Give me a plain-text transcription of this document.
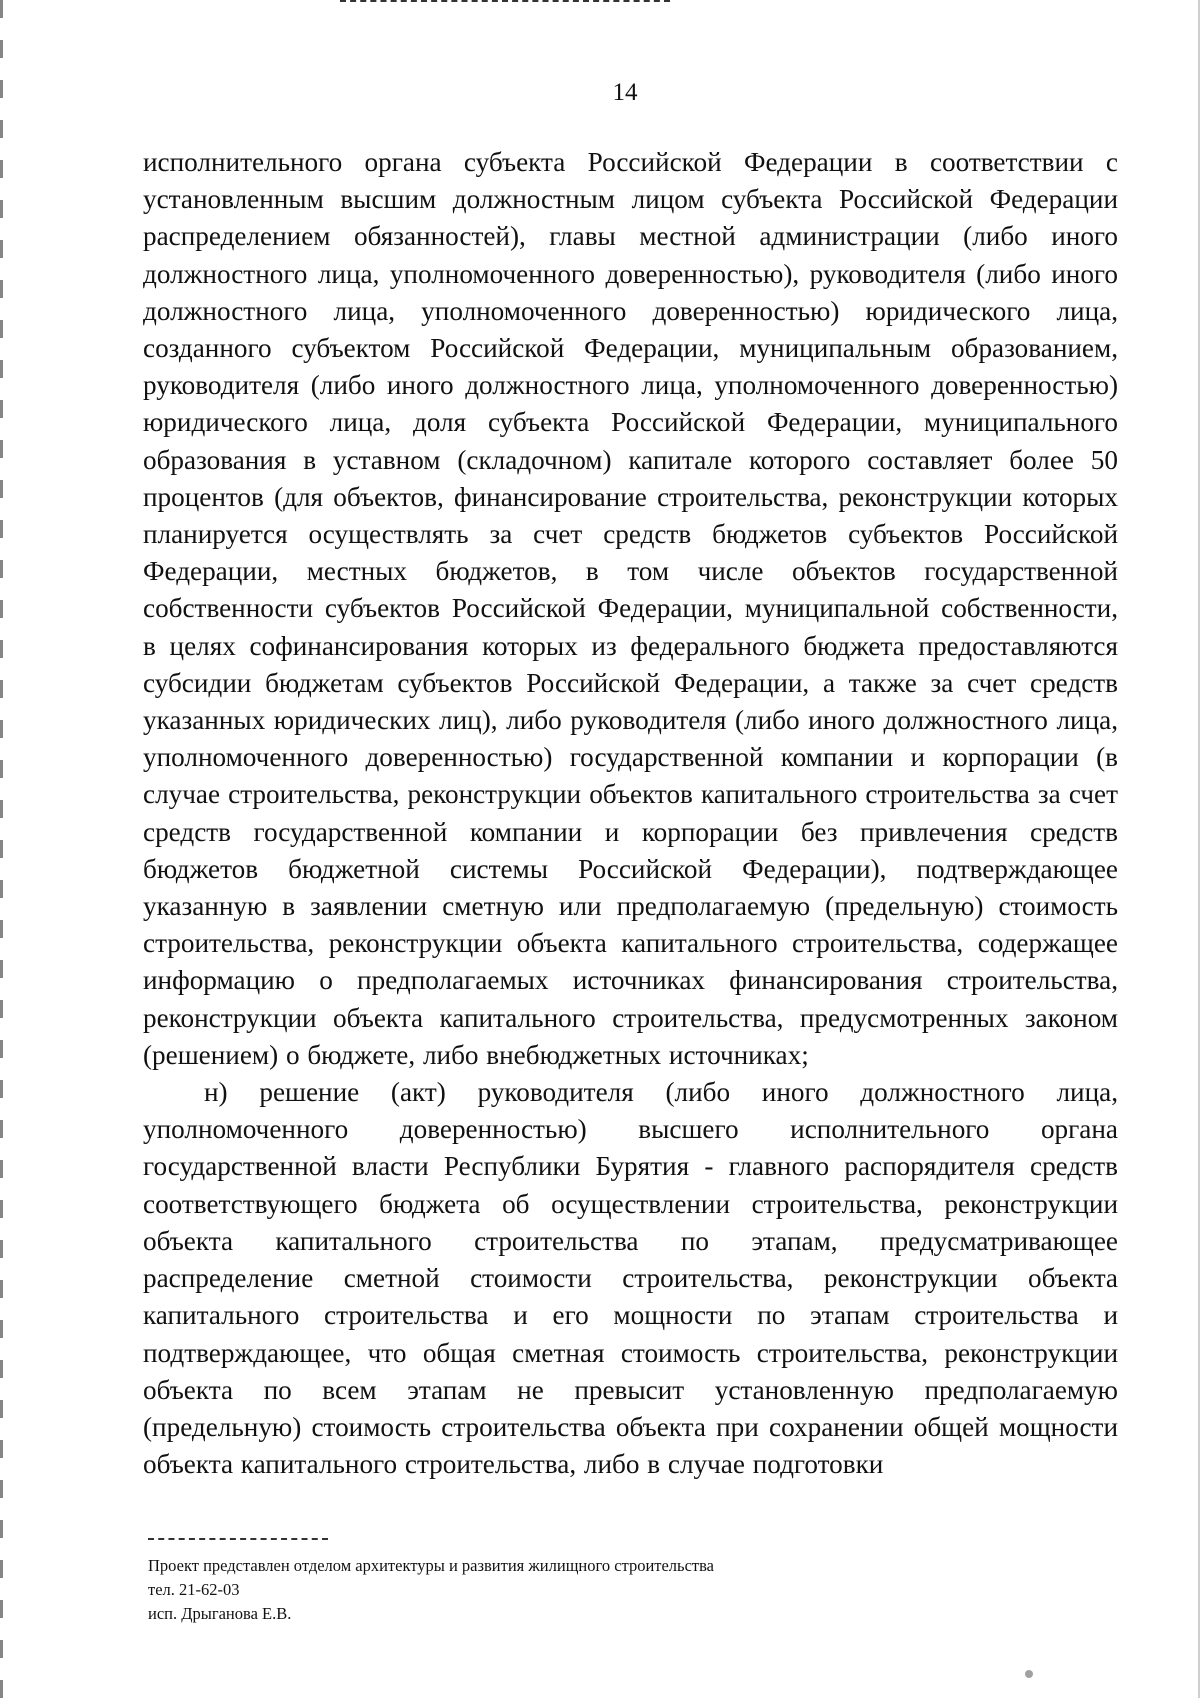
14

исполнительного органа субъекта Российской Федерации в соответствии с установленным высшим должностным лицом субъекта Российской Федерации распределением обязанностей), главы местной администрации (либо иного должностного лица, уполномоченного доверенностью), руководителя (либо иного должностного лица, уполномоченного доверенностью) юридического лица, созданного субъектом Российской Федерации, муниципальным образованием, руководителя (либо иного должностного лица, уполномоченного доверенностью) юридического лица, доля субъекта Российской Федерации, муниципального образования в уставном (складочном) капитале которого составляет более 50 процентов (для объектов, финансирование строительства, реконструкции которых планируется осуществлять за счет средств бюджетов субъектов Российской Федерации, местных бюджетов, в том числе объектов государственной собственности субъектов Российской Федерации, муниципальной собственности, в целях софинансирования которых из федерального бюджета предоставляются субсидии бюджетам субъектов Российской Федерации, а также за счет средств указанных юридических лиц), либо руководителя (либо иного должностного лица, уполномоченного доверенностью) государственной компании и корпорации (в случае строительства, реконструкции объектов капитального строительства за счет средств государственной компании и корпорации без привлечения средств бюджетов бюджетной системы Российской Федерации), подтверждающее указанную в заявлении сметную или предполагаемую (предельную) стоимость строительства, реконструкции объекта капитального строительства, содержащее информацию о предполагаемых источниках финансирования строительства, реконструкции объекта капитального строительства, предусмотренных законом (решением) о бюджете, либо внебюджетных источниках;

н) решение (акт) руководителя (либо иного должностного лица, уполномоченного доверенностью) высшего исполнительного органа государственной власти Республики Бурятия - главного распорядителя средств соответствующего бюджета об осуществлении строительства, реконструкции объекта капитального строительства по этапам, предусматривающее распределение сметной стоимости строительства, реконструкции объекта капитального строительства и его мощности по этапам строительства и подтверждающее, что общая сметная стоимость строительства, реконструкции объекта по всем этапам не превысит установленную предполагаемую (предельную) стоимость строительства объекта при сохранении общей мощности объекта капитального строительства, либо в случае подготовки

Проект представлен отделом архитектуры и развития жилищного строительства
тел. 21-62-03
исп. Дрыганова Е.В.
